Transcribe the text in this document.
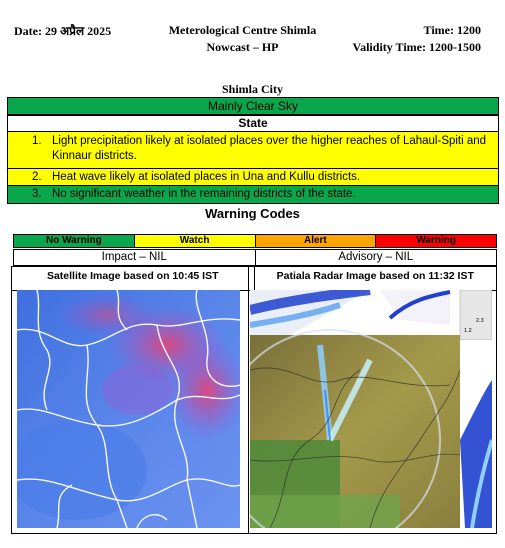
Date: 29 अप्रैल 2025	Meterological Centre Shimla
Nowcast – HP
Time: 1200
Validity Time: 1200-1500
Shimla City
Mainly Clear Sky
State
1. Light precipitation likely at isolated places over the higher reaches of Lahaul-Spiti and Kinnaur districts.
2. Heat wave likely at isolated places in Una and Kullu districts.
3. No significant weather in the remaining districts of the state.
Warning Codes
No Warning	Watch	Alert	Warning
Impact – NIL	Advisory – NIL
Satellite Image based on 10:45 IST	Patiala Radar Image based on 11:32 IST
2.3
1.2
